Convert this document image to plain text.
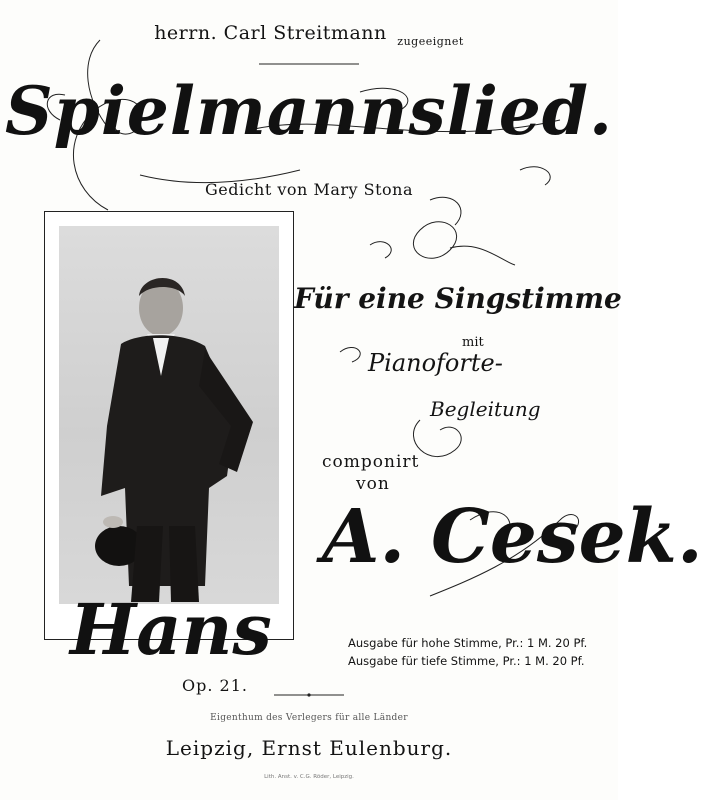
herrn. Carl Streitmann $_{zugeeignet}$
Spielmannslied.
Gedicht von Mary Stona
Für eine Singstimme
mit
Pianoforte-
Begleitung
componirt
von
A. Cesek.
Hans
Op. 21.
Ausgabe für hohe Stimme, Pr.: 1 M. 20 Pf.
Ausgabe für tiefe Stimme, Pr.: 1 M. 20 Pf.
Eigenthum des Verlegers für alle Länder
Leipzig, Ernst Eulenburg.
Lith. Anst. v. C.G. Röder, Leipzig.
